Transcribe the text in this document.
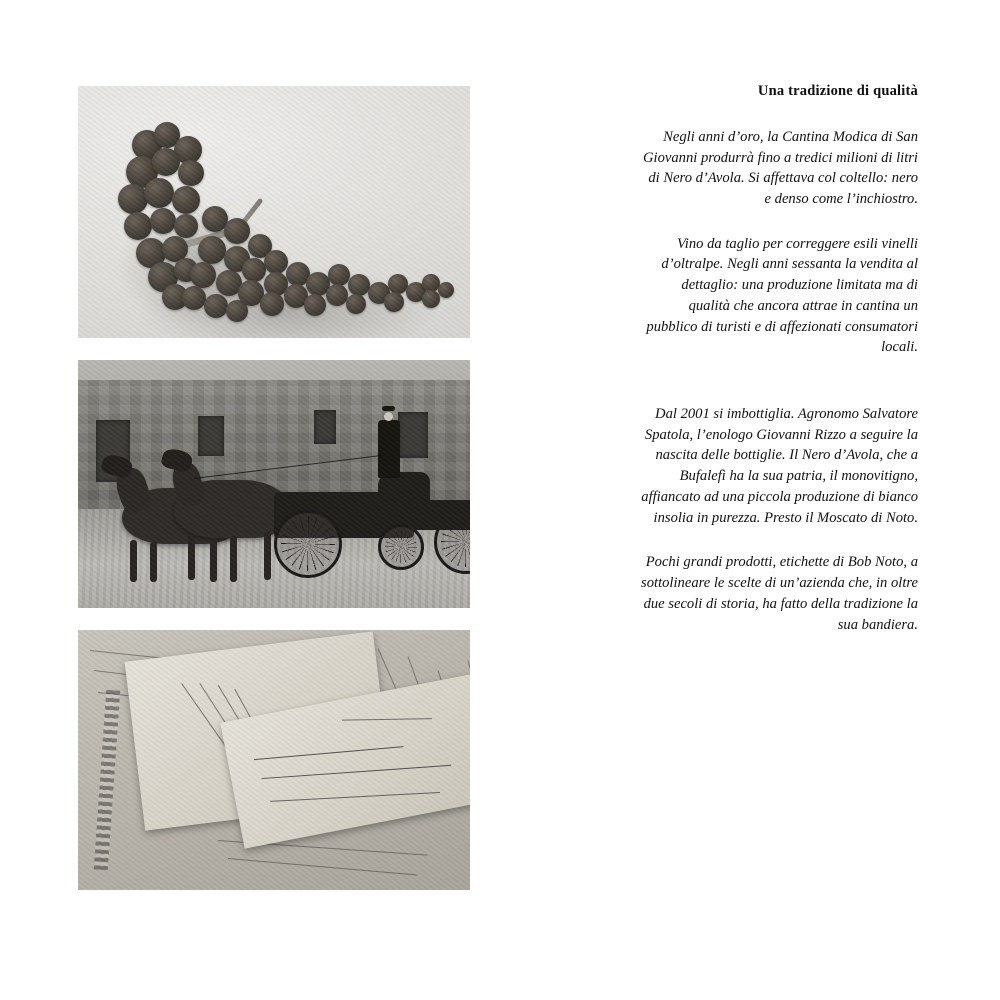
Una tradizione di qualità

Negli anni d’oro, la Cantina Modica di San Giovanni produrrà fino a tredici milioni di litri di Nero d’Avola. Si affettava col coltello: nero e denso come l’inchiostro.

Vino da taglio per correggere esili vinelli d’oltralpe. Negli anni sessanta la vendita al dettaglio: una produzione limitata ma di qualità che ancora attrae in cantina un pubblico di turisti e di affezionati consumatori locali.

Dal 2001 si imbottiglia. Agronomo Salvatore Spatola, l’enologo Giovanni Rizzo a seguire la nascita delle bottiglie. Il Nero d’Avola, che a Bufalefì ha la sua patria, il monovitigno, affiancato ad una piccola produzione di bianco insolia in purezza. Presto il Moscato di Noto.

Pochi grandi prodotti, etichette di Bob Noto, a sottolineare le scelte di un’azienda che, in oltre due secoli di storia, ha fatto della tradizione la sua bandiera.
